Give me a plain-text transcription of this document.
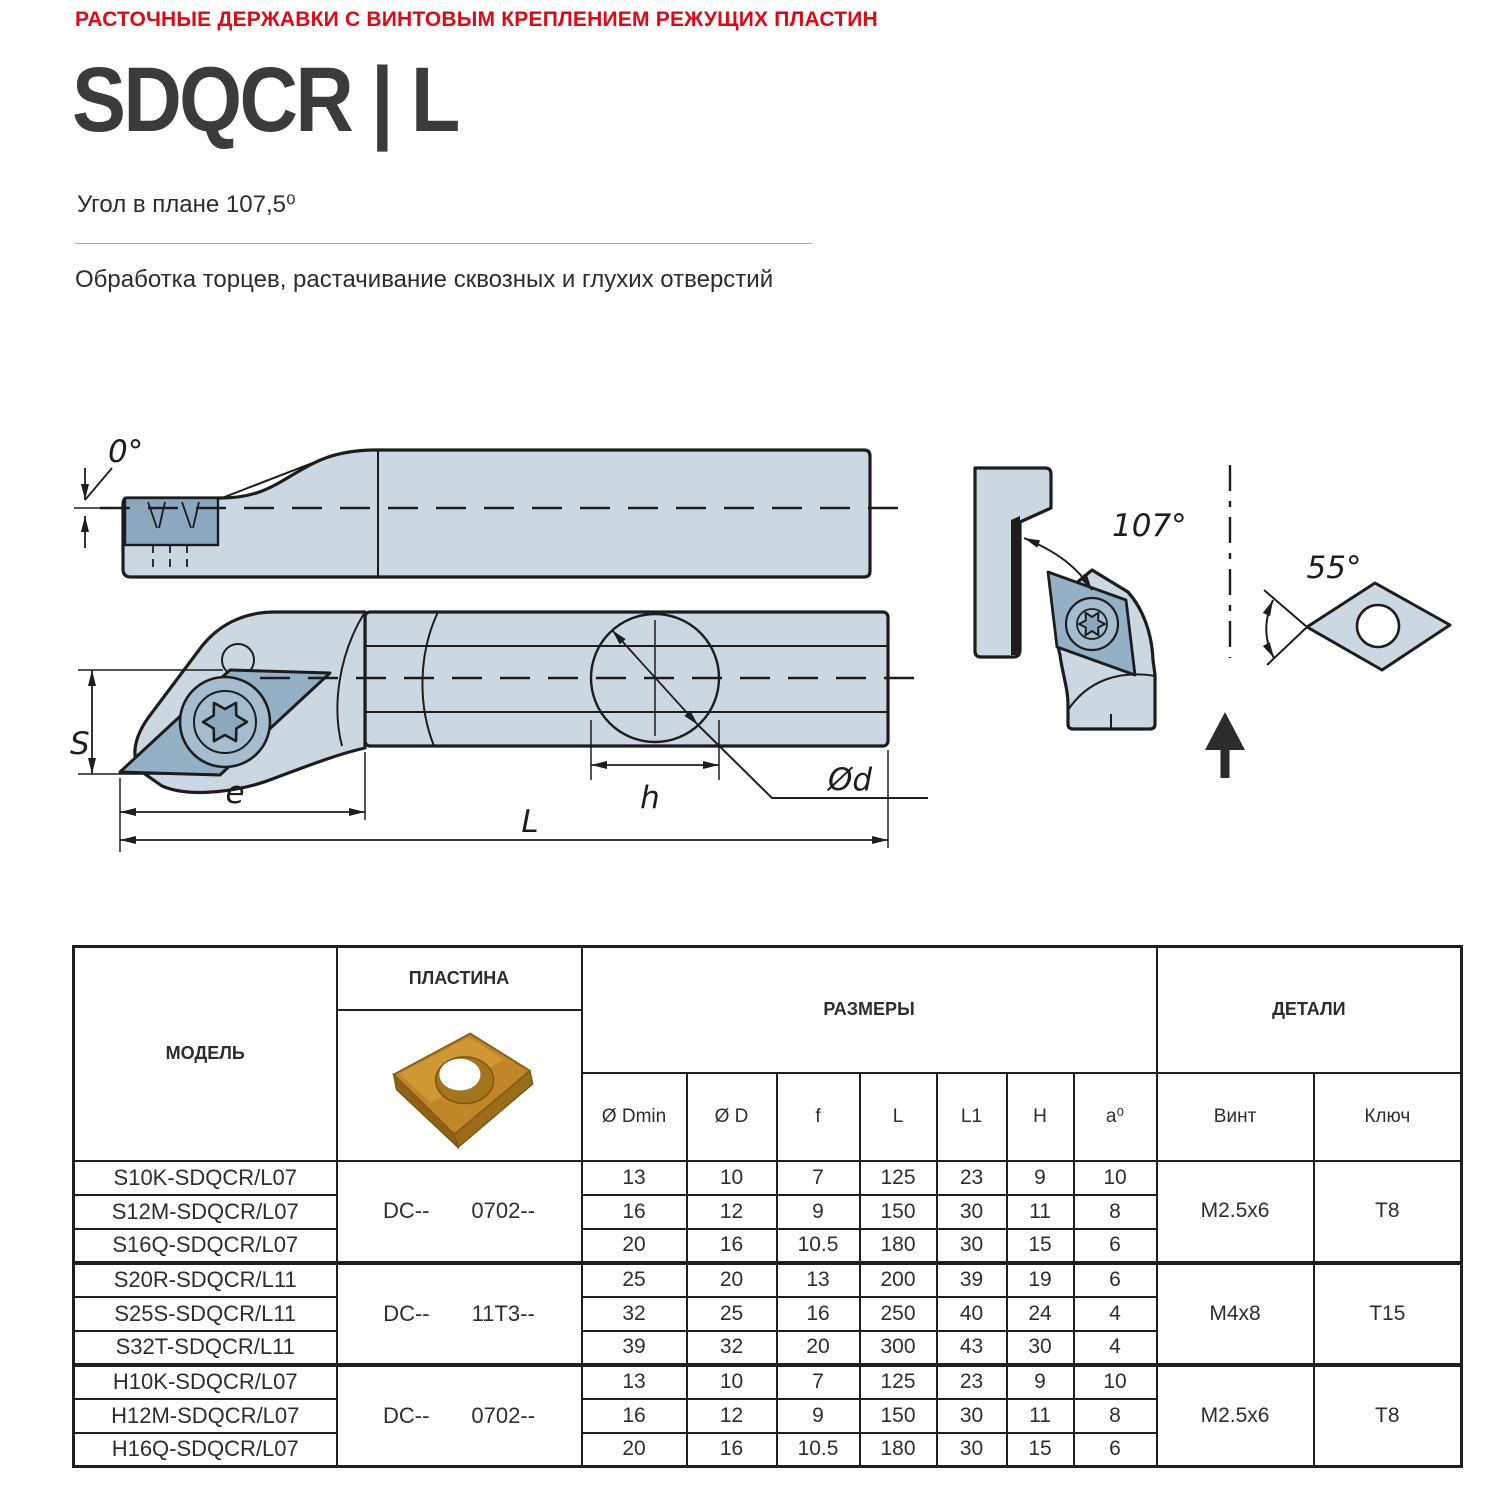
РАСТОЧНЫЕ ДЕРЖАВКИ С ВИНТОВЫМ КРЕПЛЕНИЕМ РЕЖУЩИХ ПЛАСТИН
SDQCR | L
Угол в плане 107,5⁰
Обработка торцев, растачивание сквозных и глухих отверстий
0°
S
e
L
Ød
h
107°
55°
МОДЕЛЬ	ПЛАСТИНА	РАЗМЕРЫ							ДЕТАЛИ	

		Ø Dmin	Ø D	f	L	L1	H	a⁰	Винт	Ключ
S10K-SDQCR/L07	DC-- 0702--	13	10	7	125	23	9	10	M2.5x6	T8
S12M-SDQCR/L07		16	12	9	150	30	11	8		
S16Q-SDQCR/L07		20	16	10.5	180	30	15	6		
S20R-SDQCR/L11	DC-- 11T3--	25	20	13	200	39	19	6	M4x8	T15
S25S-SDQCR/L11		32	25	16	250	40	24	4		
S32T-SDQCR/L11		39	32	20	300	43	30	4		
H10K-SDQCR/L07	DC-- 0702--	13	10	7	125	23	9	10	M2.5x6	T8
H12M-SDQCR/L07		16	12	9	150	30	11	8		
H16Q-SDQCR/L07		20	16	10.5	180	30	15	6		
